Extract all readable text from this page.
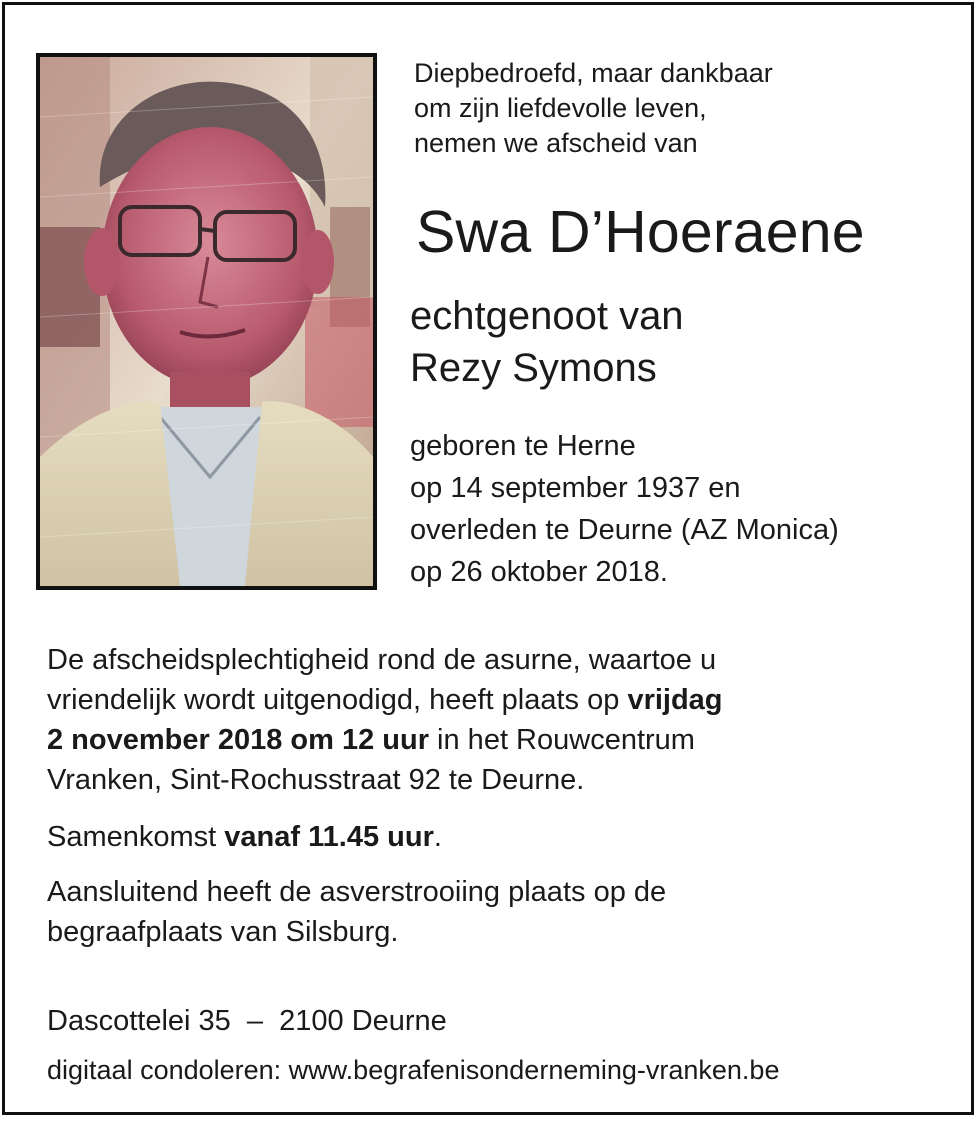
Diepbedroefd, maar dankbaar
om zijn liefdevolle leven,
nemen we afscheid van

Swa D’Hoeraene

echtgenoot van
Rezy Symons

geboren te Herne
op 14 september 1937 en
overleden te Deurne (AZ Monica)
op 26 oktober 2018.

De afscheidsplechtigheid rond de asurne, waartoe u
vriendelijk wordt uitgenodigd, heeft plaats op vrijdag
2 november 2018 om 12 uur in het Rouwcentrum
Vranken, Sint-Rochusstraat 92 te Deurne.

Samenkomst vanaf 11.45 uur.

Aansluitend heeft de asverstrooiing plaats op de
begraafplaats van Silsburg.

Dascottelei 35  –  2100 Deurne

digitaal condoleren: www.begrafenisonderneming-vranken.be
